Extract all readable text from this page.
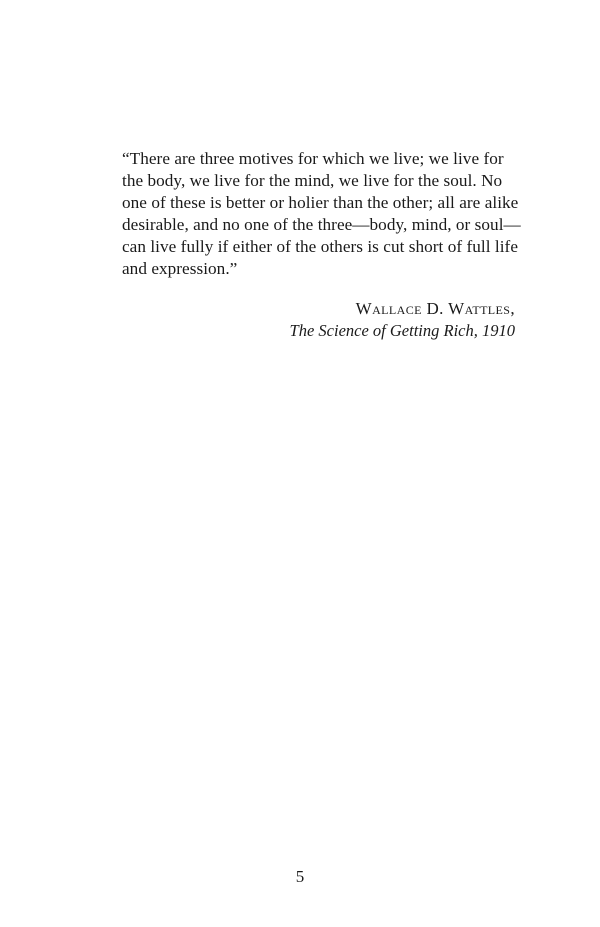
“There are three motives for which we live; we live for
the body, we live for the mind, we live for the soul. No
one of these is better or holier than the other; all are alike
desirable, and no one of the three—body, mind, or soul—
can live fully if either of the others is cut short of full life
and expression.”
Wallace D. Wattles,
The Science of Getting Rich, 1910
5
